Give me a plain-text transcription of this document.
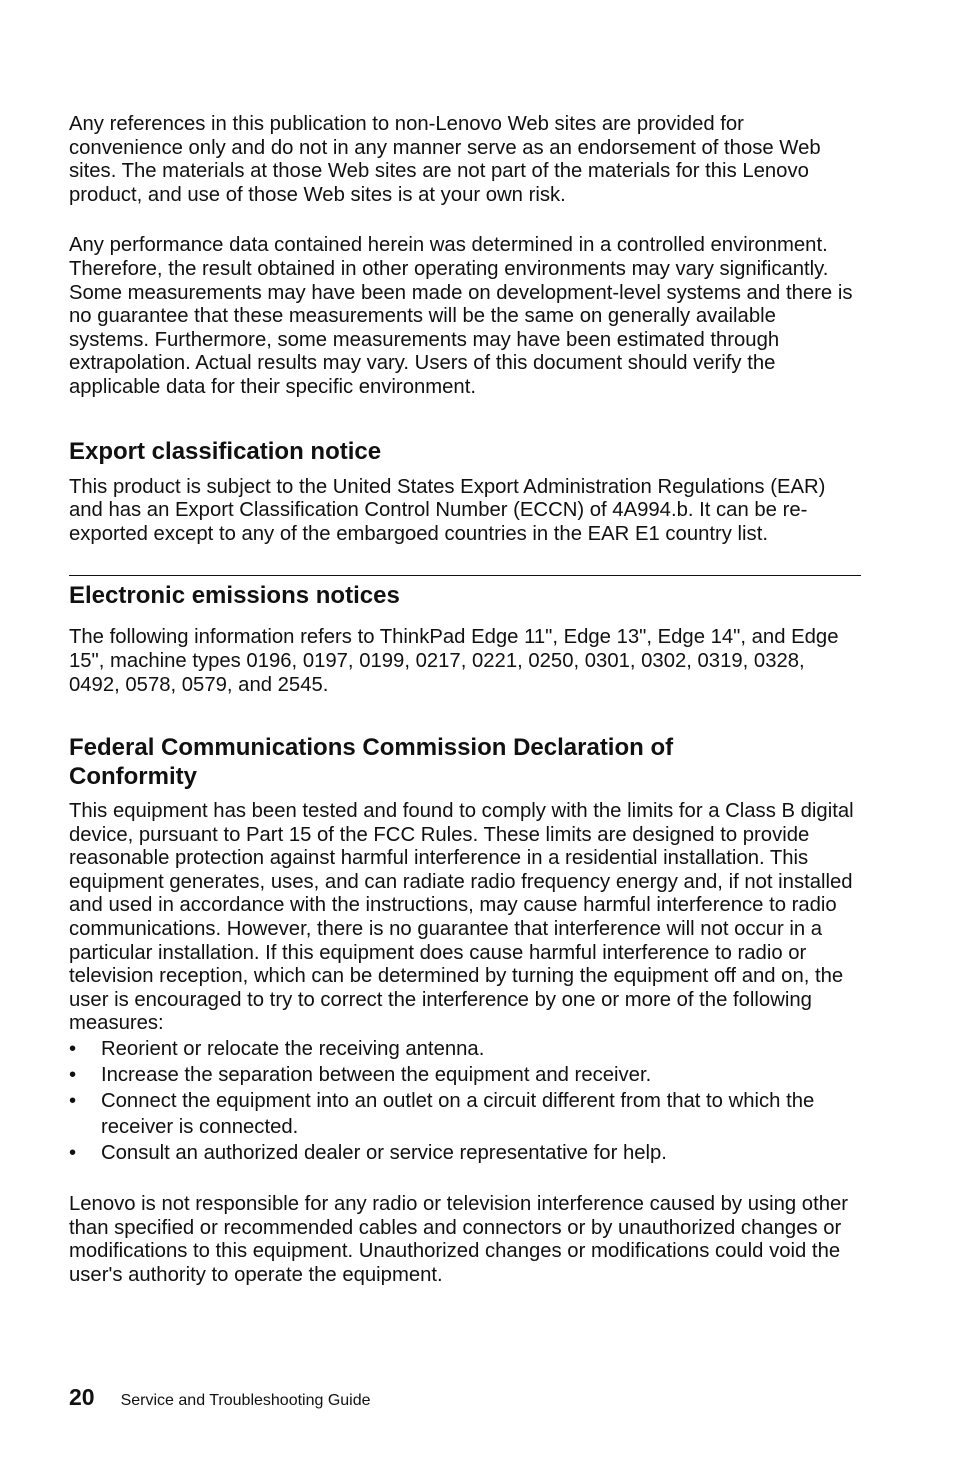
Any references in this publication to non-Lenovo Web sites are provided for convenience only and do not in any manner serve as an endorsement of those Web sites. The materials at those Web sites are not part of the materials for this Lenovo product, and use of those Web sites is at your own risk.

Any performance data contained herein was determined in a controlled environment. Therefore, the result obtained in other operating environments may vary significantly. Some measurements may have been made on development-level systems and there is no guarantee that these measurements will be the same on generally available systems. Furthermore, some measurements may have been estimated through extrapolation. Actual results may vary. Users of this document should verify the applicable data for their specific environment.

Export classification notice

This product is subject to the United States Export Administration Regulations (EAR) and has an Export Classification Control Number (ECCN) of 4A994.b. It can be re-exported except to any of the embargoed countries in the EAR E1 country list.

Electronic emissions notices

The following information refers to ThinkPad Edge 11", Edge 13", Edge 14", and Edge 15", machine types 0196, 0197, 0199, 0217, 0221, 0250, 0301, 0302, 0319, 0328, 0492, 0578, 0579, and 2545.

Federal Communications Commission Declaration of Conformity

This equipment has been tested and found to comply with the limits for a Class B digital device, pursuant to Part 15 of the FCC Rules. These limits are designed to provide reasonable protection against harmful interference in a residential installation. This equipment generates, uses, and can radiate radio frequency energy and, if not installed and used in accordance with the instructions, may cause harmful interference to radio communications. However, there is no guarantee that interference will not occur in a particular installation. If this equipment does cause harmful interference to radio or television reception, which can be determined by turning the equipment off and on, the user is encouraged to try to correct the interference by one or more of the following measures:

• Reorient or relocate the receiving antenna.
• Increase the separation between the equipment and receiver.
• Connect the equipment into an outlet on a circuit different from that to which the receiver is connected.
• Consult an authorized dealer or service representative for help.

Lenovo is not responsible for any radio or television interference caused by using other than specified or recommended cables and connectors or by unauthorized changes or modifications to this equipment. Unauthorized changes or modifications could void the user's authority to operate the equipment.

20 Service and Troubleshooting Guide
